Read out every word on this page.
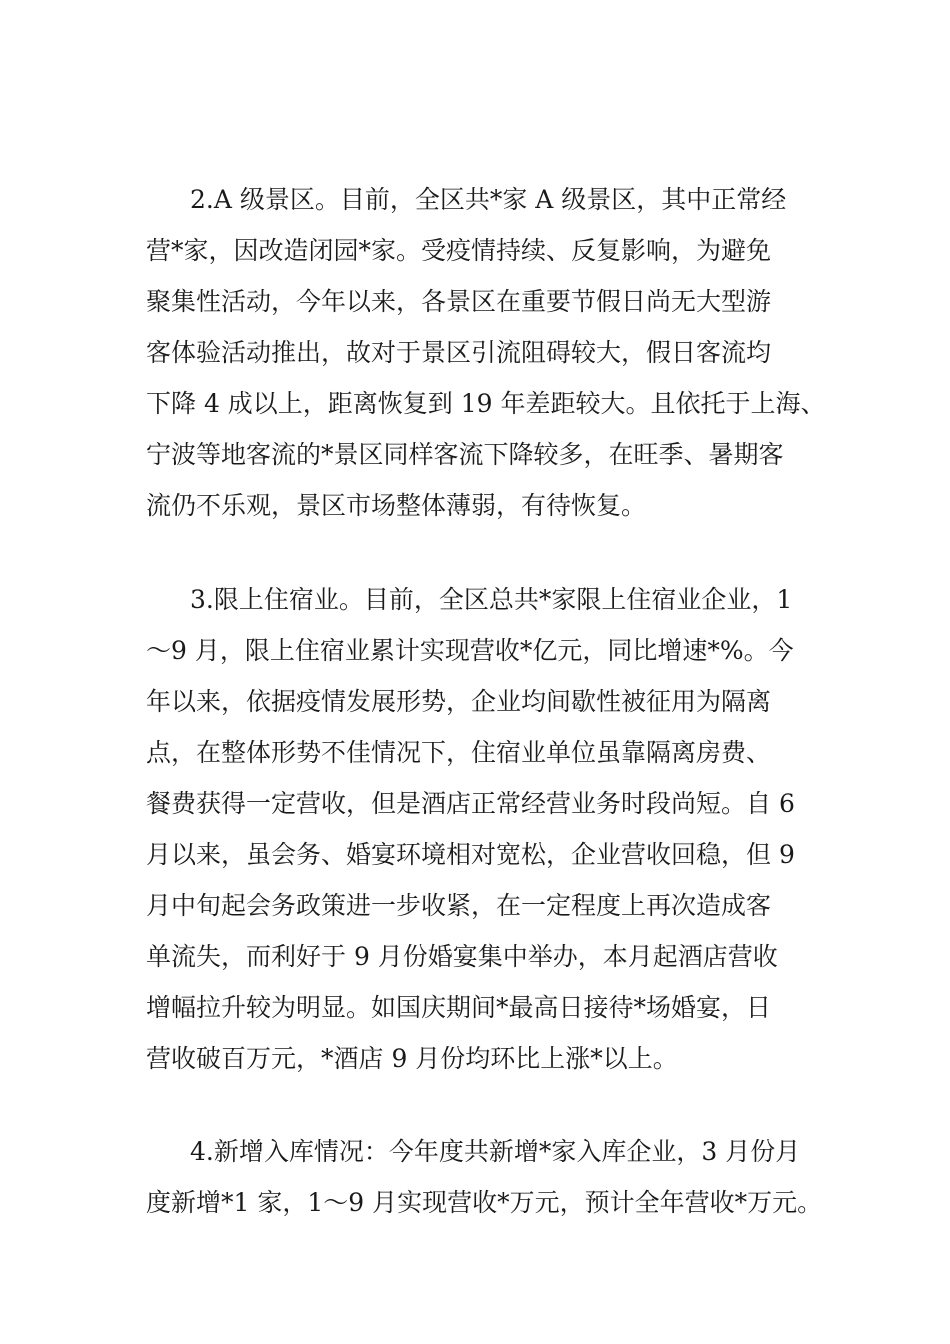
2.A 级景区。目前，全区共*家 A 级景区，其中正常经
营*家，因改造闭园*家。受疫情持续、反复影响，为避免
聚集性活动，今年以来，各景区在重要节假日尚无大型游
客体验活动推出，故对于景区引流阻碍较大，假日客流均
下降 4 成以上，距离恢复到 19 年差距较大。且依托于上海、
宁波等地客流的*景区同样客流下降较多，在旺季、暑期客
流仍不乐观，景区市场整体薄弱，有待恢复。
3.限上住宿业。目前，全区总共*家限上住宿业企业，1
～9 月，限上住宿业累计实现营收*亿元，同比增速*%。今
年以来，依据疫情发展形势，企业均间歇性被征用为隔离
点，在整体形势不佳情况下，住宿业单位虽靠隔离房费、
餐费获得一定营收，但是酒店正常经营业务时段尚短。自 6
月以来，虽会务、婚宴环境相对宽松，企业营收回稳，但 9
月中旬起会务政策进一步收紧，在一定程度上再次造成客
单流失，而利好于 9 月份婚宴集中举办，本月起酒店营收
增幅拉升较为明显。如国庆期间*最高日接待*场婚宴，日
营收破百万元，*酒店 9 月份均环比上涨*以上。
4.新增入库情况：今年度共新增*家入库企业，3 月份月
度新增*1 家，1～9 月实现营收*万元，预计全年营收*万元。
